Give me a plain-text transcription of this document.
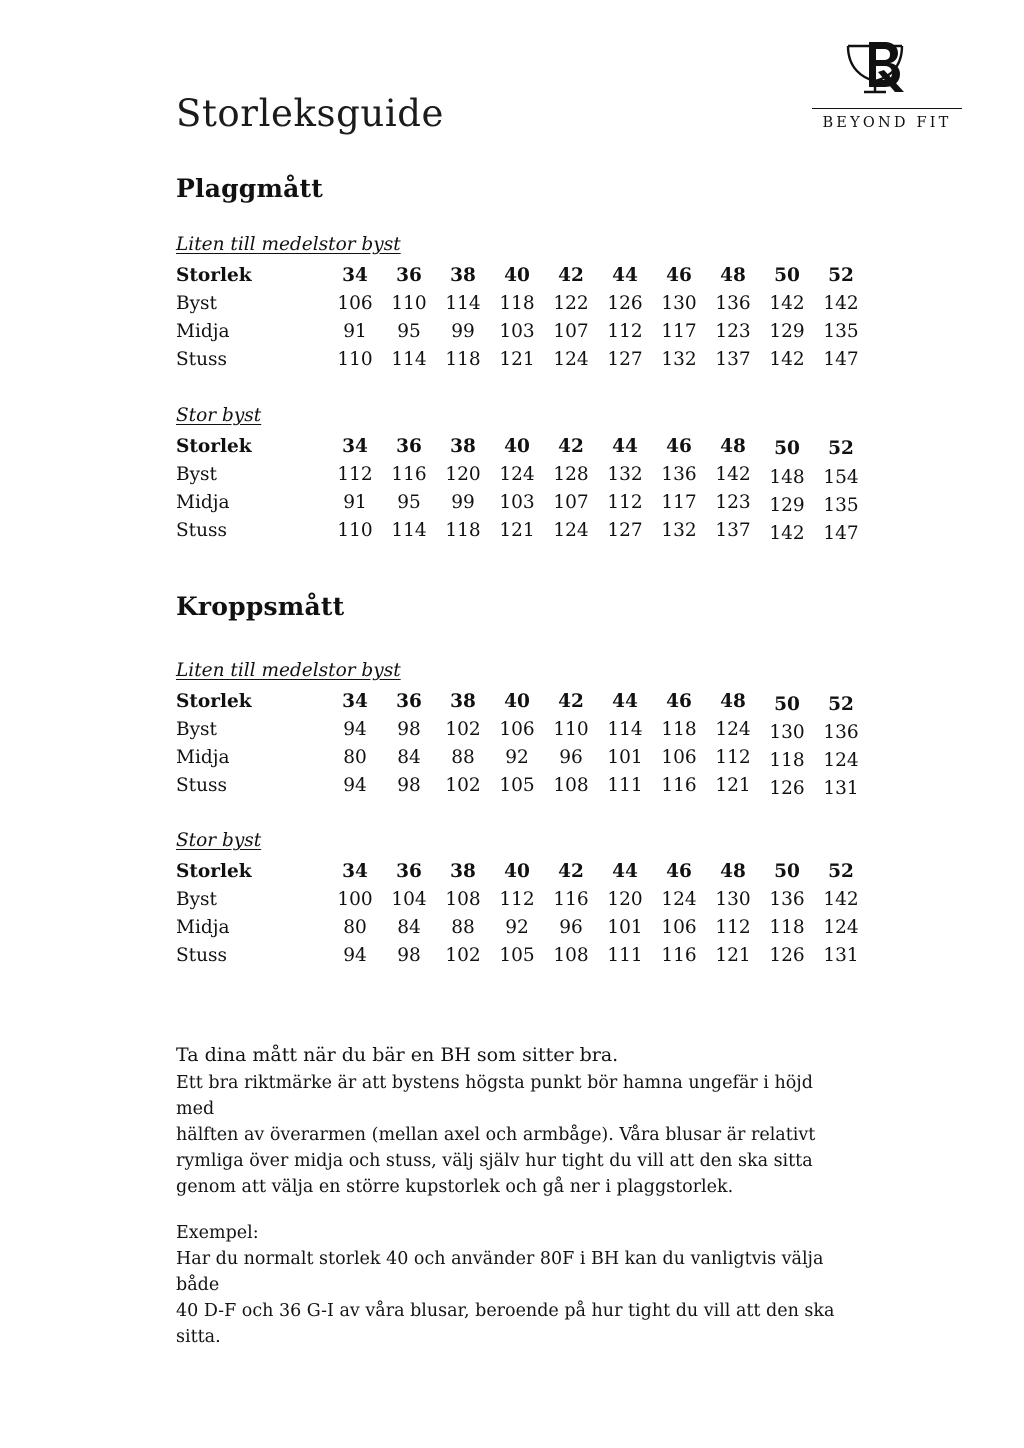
BEYOND FIT
Storleksguide
Plaggmått
Liten till medelstor byst
Storlek	34	36	38	40	42	44	46	48	50	52
Byst	106	110	114	118	122	126	130	136	142	142
Midja	91	95	99	103	107	112	117	123	129	135
Stuss	110	114	118	121	124	127	132	137	142	147
Stor byst
Storlek	34	36	38	40	42	44	46	48	50	52
Byst	112	116	120	124	128	132	136	142	148	154
Midja	91	95	99	103	107	112	117	123	129	135
Stuss	110	114	118	121	124	127	132	137	142	147
Kroppsmått
Liten till medelstor byst
Storlek	34	36	38	40	42	44	46	48	50	52
Byst	94	98	102	106	110	114	118	124	130	136
Midja	80	84	88	92	96	101	106	112	118	124
Stuss	94	98	102	105	108	111	116	121	126	131
Stor byst
Storlek	34	36	38	40	42	44	46	48	50	52
Byst	100	104	108	112	116	120	124	130	136	142
Midja	80	84	88	92	96	101	106	112	118	124
Stuss	94	98	102	105	108	111	116	121	126	131

Ta dina mått när du bär en BH som sitter bra.

Ett bra riktmärke är att bystens högsta punkt bör hamna ungefär i höjd med

hälften av överarmen (mellan axel och armbåge). Våra blusar är relativt

rymliga över midja och stuss, välj själv hur tight du vill att den ska sitta

genom att välja en större kupstorlek och gå ner i plaggstorlek.

Exempel:

Har du normalt storlek 40 och använder 80F i BH kan du vanligtvis välja både

40 D-F och 36 G-I av våra blusar, beroende på hur tight du vill att den ska sitta.
